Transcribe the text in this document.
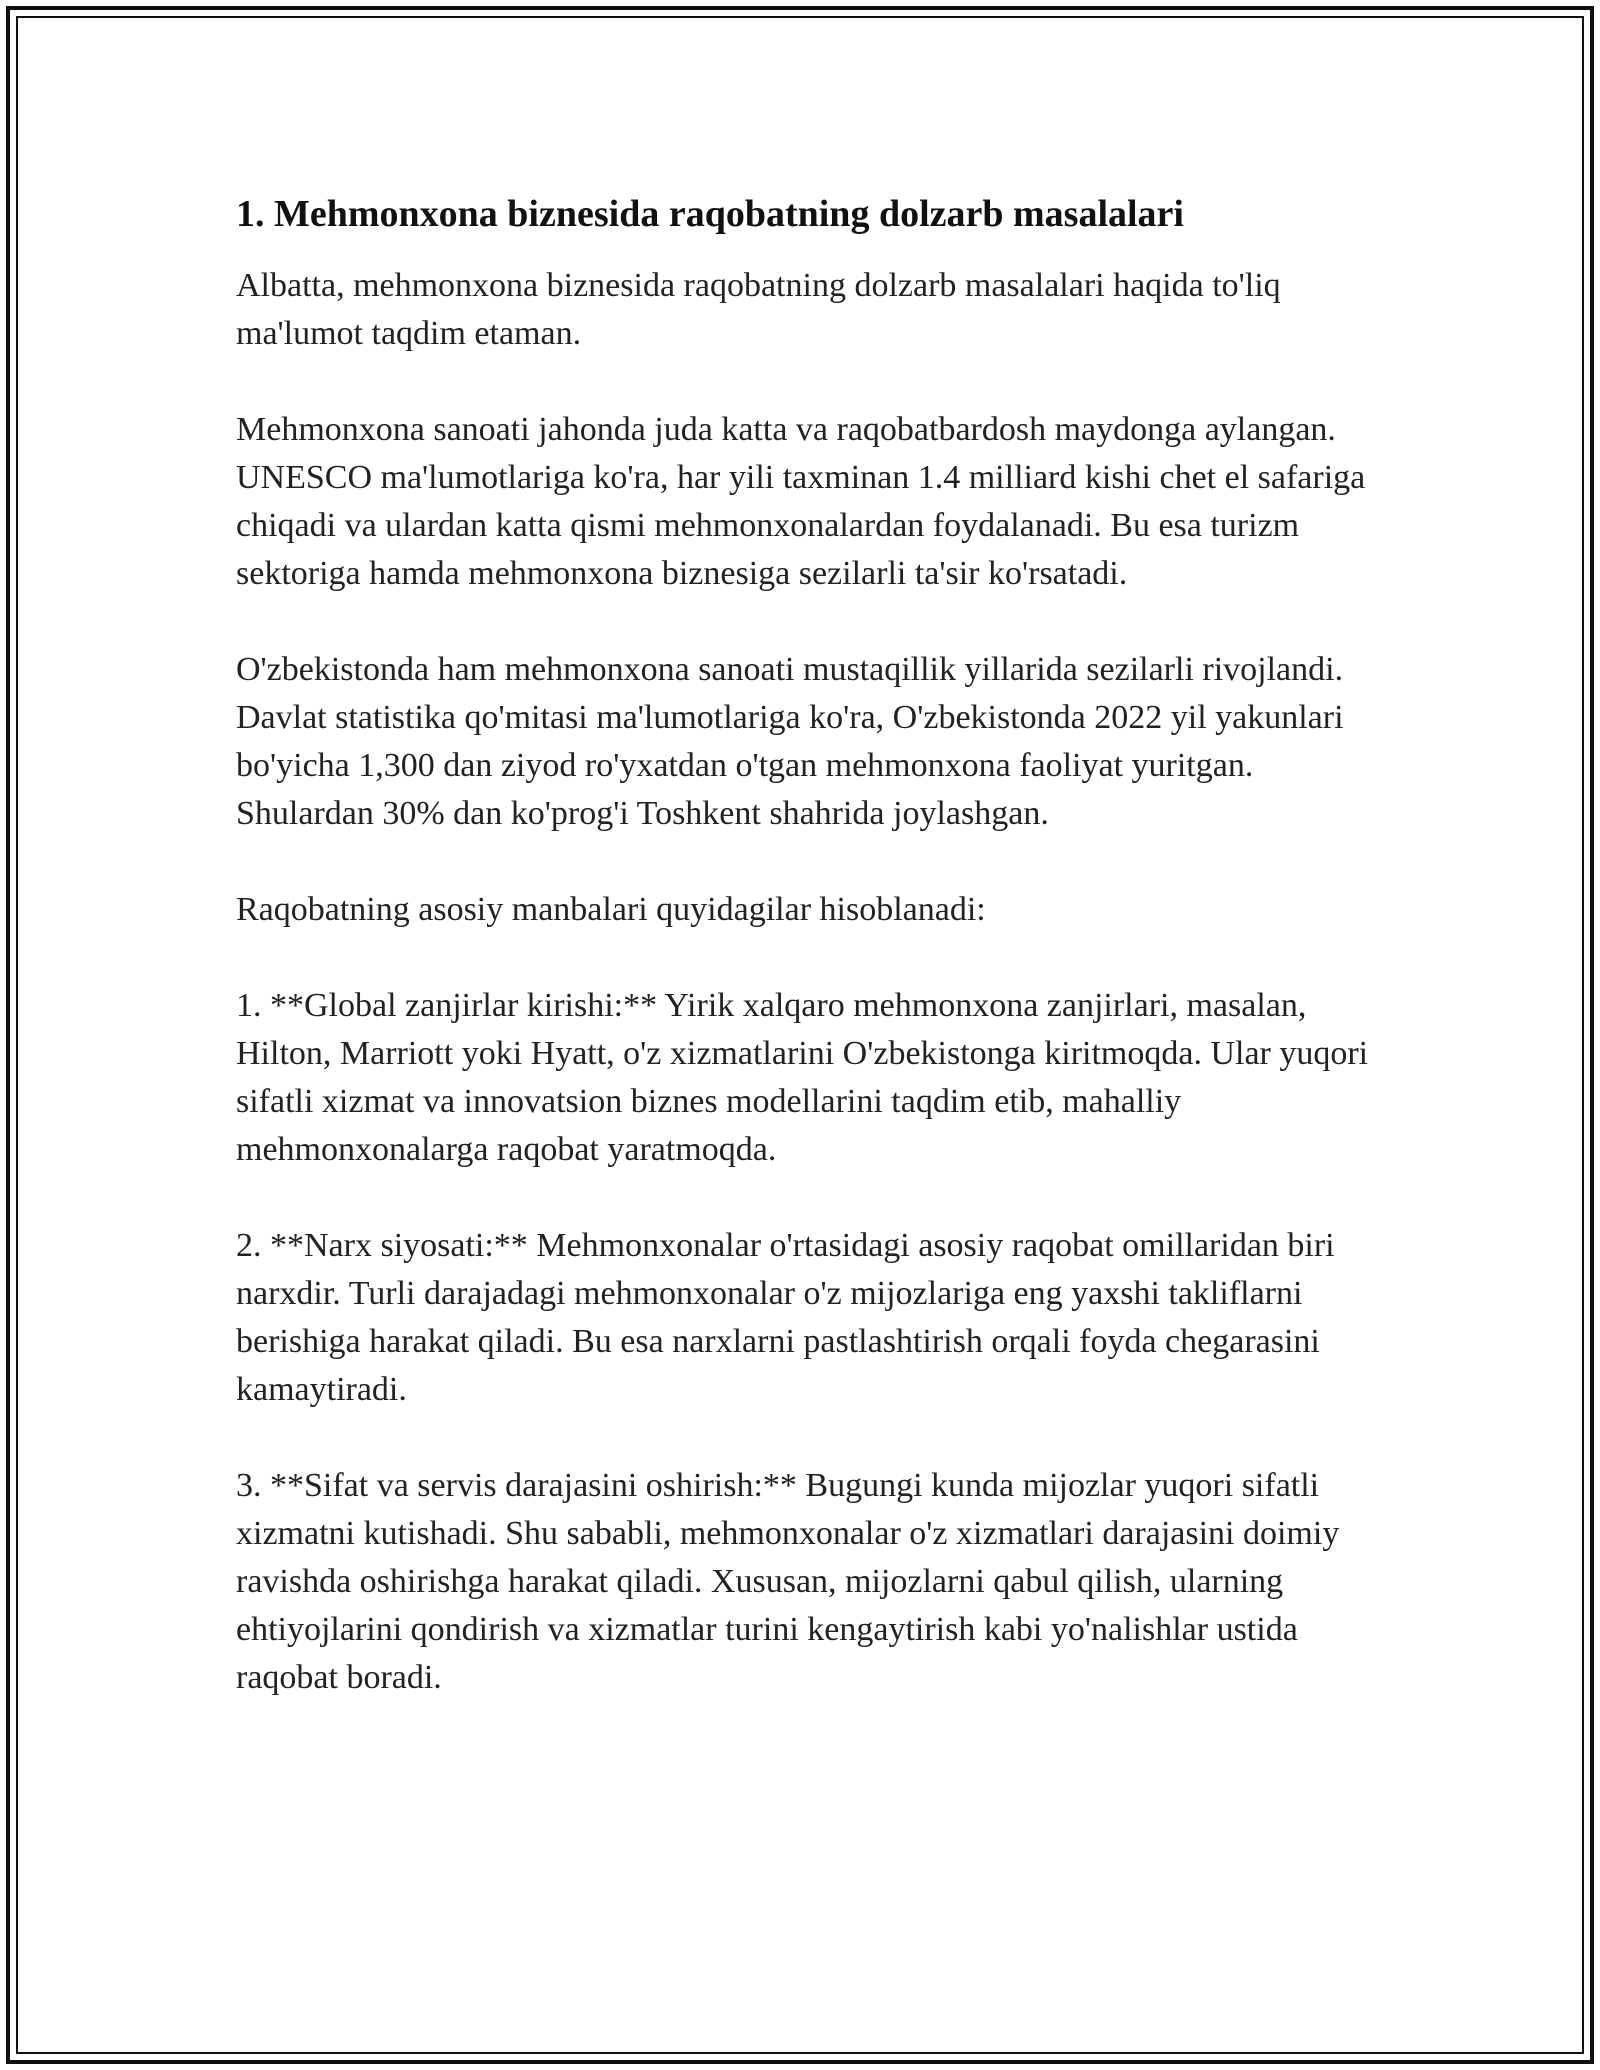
1. Mehmonxona biznesida raqobatning dolzarb masalalari

Albatta, mehmonxona biznesida raqobatning dolzarb masalalari haqida to'liq ma'lumot taqdim etaman.

Mehmonxona sanoati jahonda juda katta va raqobatbardosh maydonga aylangan. UNESCO ma'lumotlariga ko'ra, har yili taxminan 1.4 milliard kishi chet el safariga chiqadi va ulardan katta qismi mehmonxonalardan foydalanadi. Bu esa turizm sektoriga hamda mehmonxona biznesiga sezilarli ta'sir ko'rsatadi.

O'zbekistonda ham mehmonxona sanoati mustaqillik yillarida sezilarli rivojlandi. Davlat statistika qo'mitasi ma'lumotlariga ko'ra, O'zbekistonda 2022 yil yakunlari bo'yicha 1,300 dan ziyod ro'yxatdan o'tgan mehmonxona faoliyat yuritgan. Shulardan 30% dan ko'prog'i Toshkent shahrida joylashgan.

Raqobatning asosiy manbalari quyidagilar hisoblanadi:

1. **Global zanjirlar kirishi:** Yirik xalqaro mehmonxona zanjirlari, masalan, Hilton, Marriott yoki Hyatt, o'z xizmatlarini O'zbekistonga kiritmoqda. Ular yuqori sifatli xizmat va innovatsion biznes modellarini taqdim etib, mahalliy mehmonxonalarga raqobat yaratmoqda.

2. **Narx siyosati:** Mehmonxonalar o'rtasidagi asosiy raqobat omillaridan biri narxdir. Turli darajadagi mehmonxonalar o'z mijozlariga eng yaxshi takliflarni berishiga harakat qiladi. Bu esa narxlarni pastlashtirish orqali foyda chegarasini kamaytiradi.

3. **Sifat va servis darajasini oshirish:** Bugungi kunda mijozlar yuqori sifatli xizmatni kutishadi. Shu sababli, mehmonxonalar o'z xizmatlari darajasini doimiy ravishda oshirishga harakat qiladi. Xususan, mijozlarni qabul qilish, ularning ehtiyojlarini qondirish va xizmatlar turini kengaytirish kabi yo'nalishlar ustida raqobat boradi.
